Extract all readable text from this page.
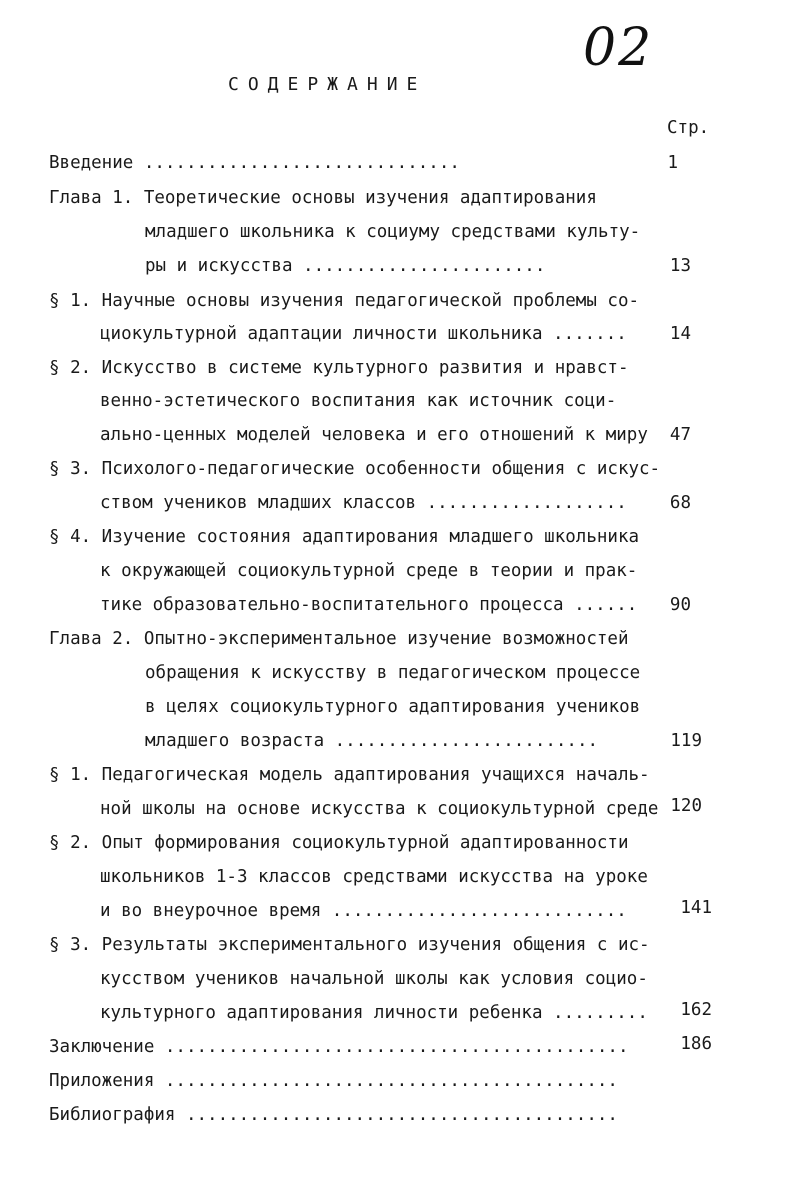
02
СОДЕРЖАНИЕ
Стр.
Введение ..............................	1
Глава 1. Теоретические основы изучения адаптирования
младшего школьника к социуму средствами культу-
ры и искусства .......................	13
§ 1. Научные основы изучения педагогической проблемы со-
циокультурной адаптации личности школьника .......	14
§ 2. Искусство в системе культурного развития и нравст-
венно-эстетического воспитания как источник соци-
ально-ценных моделей человека и его отношений к миру	47
§ 3. Психолого-педагогические особенности общения с искус-
ством учеников младших классов ...................	68
§ 4. Изучение состояния адаптирования младшего школьника
к окружающей социокультурной среде в теории и прак-
тике образовательно-воспитательного процесса ......	90
Глава 2. Опытно-экспериментальное изучение возможностей
обращения к искусству в педагогическом процессе
в целях социокультурного адаптирования учеников
младшего возраста .........................	119
§ 1. Педагогическая модель адаптирования учащихся началь-
ной школы на основе искусства к социокультурной среде 120
§ 2. Опыт формирования социокультурной адаптированности
школьников 1-3 классов средствами искусства на уроке
и во внеурочное время ............................	141
§ 3. Результаты экспериментального изучения общения с ис-
кусством учеников начальной школы как условия социо-
культурного адаптирования личности ребенка .........	162
Заключение ............................................	186
Приложения ...........................................
Библиография .........................................
